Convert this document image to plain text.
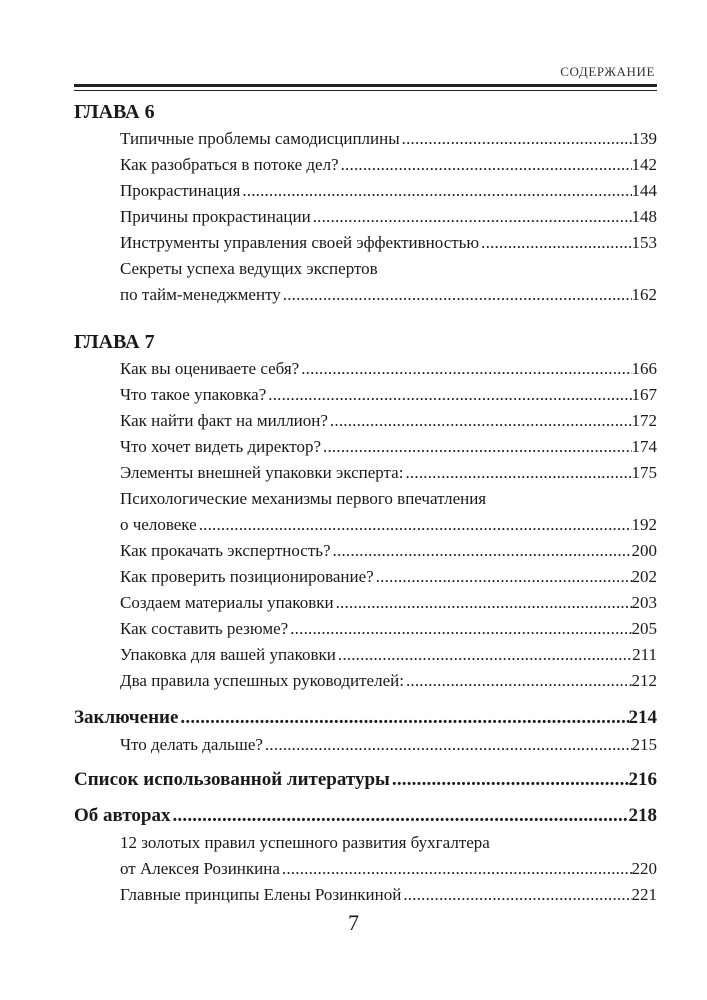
СОДЕРЖАНИЕ
ГЛАВА 6
Типичные проблемы самодисциплины .....	139
Как разобраться в потоке дел? .....	142
Прокрастинация .....	144
Причины прокрастинации .....	148
Инструменты управления своей эффективностью .....	153
Секреты успеха ведущих экспертов
по тайм-менеджменту .....	162
ГЛАВА 7
Как вы оцениваете себя? .....	166
Что такое упаковка? .....	167
Как найти факт на миллион? .....	172
Что хочет видеть директор? .....	174
Элементы внешней упаковки эксперта: .....	175
Психологические механизмы первого впечатления
о человеке .....	192
Как прокачать экспертность? .....	200
Как проверить позиционирование? .....	202
Создаем материалы упаковки .....	203
Как составить резюме? .....	205
Упаковка для вашей упаковки .....	211
Два правила успешных руководителей: .....	212
Заключение .....	214
Что делать дальше? .....	215
Список использованной литературы .....	216
Об авторах .....	218
12 золотых правил успешного развития бухгалтера
от Алексея Розинкина .....	220
Главные принципы Елены Розинкиной .....	221
7
